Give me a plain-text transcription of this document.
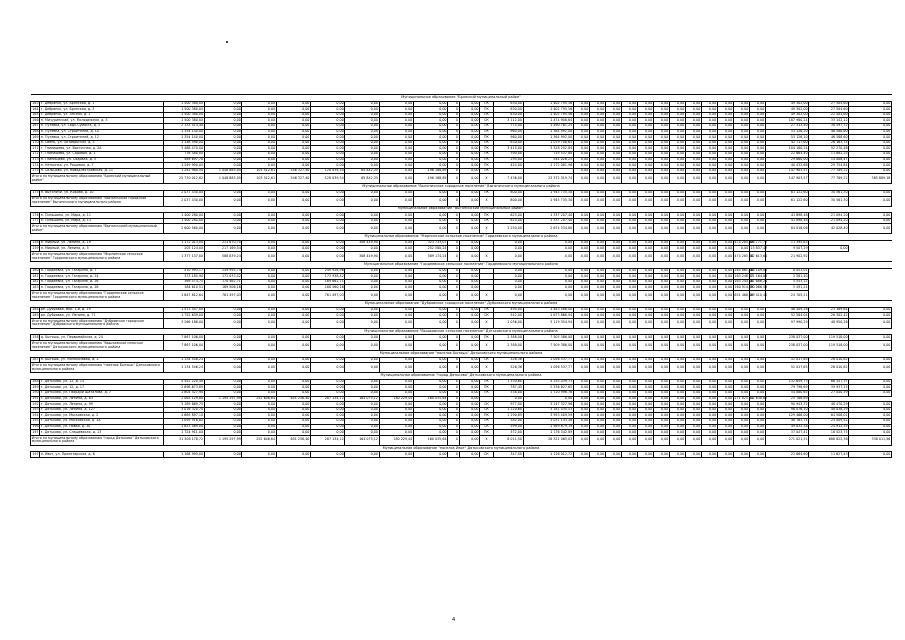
Муниципальное образование "Брянский муниципальный район"																													
163	г. Дебрянск, ул. Брянская, д. 1	1 500 380,00	0,00	0,00	0,00	0,00	0,00	0,00	0,00	0	0,00	ПК	630,00	1 402 795,56	0,00	0,00	0,00	0,00	0,00	0,00	0,00	0,00	0,00	0,00	0,00	0,00	49 302,00	27 504,60	0,00
164	г. Дебрянск, ул. Брянская, д. 3	1 500 380,00	0,00	0,00	0,00	0,00	0,00	0,00	0,00	0	0,00	ПК	630,00	1 402 795,56	0,00	0,00	0,00	0,00	0,00	0,00	0,00	0,00	0,00	0,00	0,00	0,00	49 302,00	27 504,60	0,00
165	г. Дебрянск, ул. Лесная, д. 2	1 500 380,00	0,00	0,00	0,00	0,00	0,00	0,00	0,00	0	0,00	ПК	630,00	1 402 795,56	0,00	0,00	0,00	0,00	0,00	0,00	0,00	0,00	0,00	0,00	0,00	0,00	49 302,00	22 504,60	0,00
166	п. Мичуринский, ул. Молодежная, д. 5	1 500 380,00	0,00	0,00	0,00	0,00	0,00	0,00	0,00	0	0,00	СК	3 112,00	1 474 906,64	0,00	0,00	0,00	0,00	0,00	0,00	0,00	0,00	0,00	0,00	0,00	0,00	187 980,24	33 142,12	0,00
167	п. Путевка, ул. Садк.Суббота, д. 3	2 133 514,40	0,00	0,00	0,00	0,00	0,00	0,00	0,00	0	0,00	ПК	774,00	1 490 761,25	0,00	0,00	0,00	0,00	0,00	0,00	0,00	0,00	0,00	0,00	0,00	0,00	27 313,40	38 597,72	0,00
168	п. Путевка, ул. Строителей, д. 10	1 354 140,00	0,00	0,00	0,00	0,00	0,00	0,00	0,00	0	0,00	ПК	960,00	1 364 992,00	0,00	0,00	0,00	0,00	0,00	0,00	0,00	0,00	0,00	0,00	0,00	0,00	53 126,20	46 588,60	0,00
169	п. Путевка, ул. Строителей, д. 12	1 354 140,00	0,00	0,00	0,00	0,00	0,00	0,00	0,00	0	0,00	ПК	960,00	1 364 992,00	0,00	0,00	0,00	0,00	0,00	0,00	0,00	0,00	0,00	0,00	0,00	0,00	53 126,20	46 588,60	0,00
170	п. Свень, ул. Октябрьская, д. 5	1 148 590,00	0,00	0,00	0,00	0,00	0,00	0,00	0,00	0	0,00	ПК	630,00	1 079 708,65	0,00	0,00	0,00	0,00	0,00	0,00	0,00	0,00	0,00	0,00	0,00	0,00	42 717,60	26 163,75	0,00
171	г. Глинищево, ул. Восточная, д. 2А	3 488 470,00	0,00	0,00	0,00	0,00	0,00	0,00	0,00	0	0,00	ПК	3 415,00	3 328 252,84	0,00	0,00	0,00	0,00	0,00	0,00	0,00	0,00	0,00	0,00	0,00	0,00	104 180,24	52 270,46	0,00
172	г. Глинищево, ул. Садовая, д. 1	776 480,00	0,00	0,00	0,00	0,00	0,00	0,00	0,00	0	0,00	ПК	390,00	735 437,80	0,00	0,00	0,00	0,00	0,00	0,00	0,00	0,00	0,00	0,00	0,00	0,00	22 664,40	11 882,25	0,00
173	п. Глинищево, ул. Садовая, д. 5	589 697,78	0,00	0,00	0,00	0,00	0,00	0,00	0,00	0	0,00	ПК	295,00	544 026,25	0,00	0,00	0,00	0,00	0,00	0,00	0,00	0,00	0,00	0,00	0,00	0,00	29 660,00	14 008,47	0,00
174	п. Нетьинка, ул. Рощевая, д. 7	1 249 990,00	0,00	0,00	0,00	0,00	0,00	0,00	0,00	0	0,00	ПК	424,00	1 172 081,96	0,00	0,00	0,00	0,00	0,00	0,00	0,00	0,00	0,00	0,00	0,00	0,00	40 432,68	29 754,84	0,00
175	п. Сельцово, ул. Новоднестровская, д. 11	1 242 980,50	1 048 885,05	103 512,61	546 327,40	128 039,54	65 842,35	0,00	196 188,89	0	0,00	ПК			0,00	0,00	0,00	0,00	0,00	0,00	0,00	0,00	0,00	0,00	0,00	0,00	147 903,57	77 789,22	0,00
Итого по муниципальному образованию "Брянский муниципальный район"		25 730 012,62	1 048 885,05	103 512,61	546 327,40	128 039,54	65 842,35	0,00	196 188,89	0	0,00	X	7 436,00	23 372 319,74	0,00	0,00	0,00	0,00	0,00	0,00	0,00	0,00	0,00	0,00	0,00	0,00	147 903,57	77 789,22	385 889,18
Муниципальное образование "Выгоничское городское поселение" Выгоничского муниципального района																													
175	п. Выгоничи, ул. Кирова, д. 10	2 037 430,00	0,00	0,00	0,00	0,00	0,00	0,00	0,00	0	0,00	ПК	800,00	1 945 735,30	0,00	0,00	0,00	0,00	0,00	0,00	0,00	0,00	0,00	0,00	0,00	0,00	61 122,60	30 561,30	0,00
Итого по муниципальному образованию "Выгоничское городское поселение" Выгоничского муниципального района		2 037 430,00	0,00	0,00	0,00	0,00	0,00	0,00	0,00	0	0,00	X	800,00	1 945 735,30	0,00	0,00	0,00	0,00	0,00	0,00	0,00	0,00	0,00	0,00	0,00	0,00	61 122,60	30 561,30	0,00
Муниципальное образование "Выгоничский муниципальный район"																													
176	п. Пильшино, ул. Мира, д. 11	1 400 280,00	0,00	0,00	0,00	0,00	0,00	0,00	0,00	0	0,00	ПК	625,00	1 337 207,40	0,00	0,00	0,00	0,00	0,00	0,00	0,00	0,00	0,00	0,00	0,00	0,00	41 898,48	21 094,20	0,00
177	п. Пильшино, ул. Мира, д. 13	1 400 280,00	0,00	0,00	0,00	0,00	0,00	0,00	0,00	0	0,00	ПК	625,00	1 337 207,40	0,00	0,00	0,00	0,00	0,00	0,00	0,00	0,00	0,00	0,00	0,00	0,00	41 898,48	21 094,20	0,00
Итого по муниципальному образованию "Выгоничский муниципальный район"		2 800 560,00	0,00	0,00	0,00	0,00	0,00	0,00	0,00	0	0,00	X	1 250,00	2 674 534,80	0,00	0,00	0,00	0,00	0,00	0,00	0,00	0,00	0,00	0,00	0,00	0,00	84 018,06	42 028,40	0,00
Муниципальное образование "Мирнинское сельское поселение" Гордеевского муниципального района																													
158	п. Мирный, ул. Ленина, д. 19	1 172 013,00	231 670,70	0,00	0,00	0,00	308 449,90	0,00	323 733,07	0	0,00		0,00	0,00	0,00	0,00	0,00	0,00	0,00	0,00	0,00	0,00	0,00	0,00	474 285,68	26 771,77	11 395,63		
159	п. Мирный, ул. Ленина, д. 5	205 124,00	217 169,54	0,00	0,00	0,00	0,00	0,00	252 580,24	0	0,00		0,00	0,00	0,00	0,00	0,00	0,00	0,00	0,00	0,00	0,00	0,00	0,00	0,00	15 837,47	9 507,29	0,00	
Итого по муниципальному образованию "Мирнинское сельское поселение" Гордеевского муниципального района		1 377 137,00	588 839,24	0,00	0,00	0,00	308 449,90	0,00	589 174,24	0	0,00	X	0,00	0,00	0,00	0,00	0,00	0,00	0,00	0,00	0,00	0,00	0,00	0,00	474 285,68	42 613,64	21 902,92		
Муниципальное образование "Гордеевское сельское поселение" Гордеевского муниципального района																													
180	п. Гордеевка, ул. Гагарина, д. 7	570 993,17	249 995,74	0,00	0,00	249 926,96	0,00	0,00	0,00	0	0,00		0,00	0,00	0,00	0,00	0,00	0,00	0,00	0,00	0,00	0,00	0,00	0,00	264 861,46	16 109,01	8 053,01		
181	п. Гордеевка, ул. Гагарина, д. 24	373 185,90	172 033,42	0,00	0,00	173 938,42	0,00	0,00	0,00	0	0,00		0,00	0,00	0,00	0,00	0,00	0,00	0,00	0,00	0,00	0,00	0,00	0,00	163 248,17	11 164,88	5 581,40		
182	п. Гордеевка, ул. Гагарина, д. 26	369 474,75	170 462,71	0,00	0,00	169 862,71	0,00	0,00	0,00	0	0,00		0,00	0,00	0,00	0,00	0,00	0,00	0,00	0,00	0,00	0,00	0,00	0,00	163 244,46	11 686,21	5 543,12		
183	п. Гордеевка, ул. Гагарина, д. 28	184 610,51	169 506,16	0,00	0,00	168 560,16	0,00	0,00	0,00	0	0,00		0,00	0,00	0,00	0,00	0,00	0,00	0,00	0,00	0,00	0,00	0,00	0,00	160 914,59	10 066,58	5 491,24		
Итого по муниципальному образованию "Гордеевское сельское поселение" Гордеевского муниципального района		1 647 812,64	761 497,03	0,00	0,00	761 497,03	0,00	0,00	0,00	0	0,00	X	0,00	0,00	0,00	0,00	0,00	0,00	0,00	0,00	0,00	0,00	0,00	0,00	651 468,68	49 410,40	24 705,21		
Муниципальное образование "Дубровское городское поселение" Дубровского муниципального района																													
184	рп. Дубровка, мкр. 1-й, д. 19	1 513 547,00	0,00	0,00	0,00	0,00	0,00	0,00	0,00	0	0,00	ПК	494,00	1 443 488,00	0,00	0,00	0,00	0,00	0,00	0,00	0,00	0,00	0,00	0,00	0,00	0,00	46 409,28	23 169,64	0,00
185	рп. Дубровка, ул. Ленина, д. 71	1 752 639,00	0,00	0,00	0,00	0,00	0,00	0,00	0,00	0	0,00	СК	542,00	1 673 866,94	0,00	0,00	0,00	0,00	0,00	0,00	0,00	0,00	0,00	0,00	0,00	0,00	52 584,04	26 302,42	0,00
Итого по муниципальному образованию "Дубровское городское поселение" Дубровского муниципального района		3 266 186,00	0,00	0,00	0,00	0,00	0,00	0,00	0,00	0	0,00	X	1 036,00	3 119 354,94	0,00	0,00	0,00	0,00	0,00	0,00	0,00	0,00	0,00	0,00	0,00	0,00	97 990,29	48 950,16	0,00
Муниципальное образование "Вышковское сельское поселение" Дятьковского муниципального района																													
158	д. Бытошь, ул. Первомайская, д. 24	7 867 106,00	0,00	0,00	0,00	0,00	0,00	0,00	0,00	0	0,00	ПК	2 388,00	7 505 386,00	0,00	0,00	0,00	0,00	0,00	0,00	0,00	0,00	0,00	0,00	0,00	0,00	238 037,00	119 518,00	0,00
Итого по муниципальному образованию "Вышковское сельское поселение" Дятьковского муниципального района		7 867 106,00	0,00	0,00	0,00	0,00	0,00	0,00	0,00	0	0,00	X	2 388,00	7 509 386,00	0,00	0,00	0,00	0,00	0,00	0,00	0,00	0,00	0,00	0,00	0,00	0,00	238 037,00	119 518,00	0,00
Муниципальное образование "поселок Бытошь" Дятьковского муниципального района																													
187	п. Бытошь, ул. Молокозавод, д. 4	1 134 546,24	0,00	0,00	0,00	0,00	0,00	0,00	0,00	0	0,00	СК	526,36	1 056 537,77	0,00	0,00	0,00	0,00	0,00	0,00	0,00	0,00	0,00	0,00	0,00	0,00	52 017,65	26 010,82	0,00
Итого по муниципальному образованию "поселок Бытошь" Дятьковского муниципального района		1 134 546,24	0,00	0,00	0,00	0,00	0,00	0,00	0,00	0	0,00	X	526,36	1 056 537,77	0,00	0,00	0,00	0,00	0,00	0,00	0,00	0,00	0,00	0,00	0,00	0,00	52 017,65	26 010,82	0,00
Муниципальное образование "город Дятьково" Дятьковского муниципального района																													
188	г. Дятьково, ул. 12, д. 14	4 452 220,40	0,00	0,00	0,00	0,00	0,00	0,00	0,00	0	0,00	ПК	1 330,60	4 255 039,73	0,00	0,00	0,00	0,00	0,00	0,00	0,00	0,00	0,00	0,00	0,00	0,00	132 659,73	66 347,37	0,00
189	г. Дятьково, ул. 12, д. 17	2 698 673,89	0,00	0,00	0,00	0,00	0,00	0,00	0,00	0	0,00	ПК	787,45	2 536 627,65	0,00	0,00	0,00	0,00	0,00	0,00	0,00	0,00	0,00	0,00	0,00	0,00	79 798,69	39 937,25	0,00
190	г. Дятьково, ул. Гвардии Шаталова, д. 7	1 804 527,90	0,00	0,00	0,00	0,00	0,00	0,00	0,00	0	0,00	ПК	538,00	1 720 996,76	0,00	0,00	0,00	0,00	0,00	0,00	0,00	0,00	0,00	0,00	0,00	0,00	54 080,65	27 040,59	0,00
191	г. Дятьково, ул. Ленина, д. 63	2 063 129,80	1 195 297,99	252 646,64	651 256,40	287 134,12	164 075,12	180 229,44	160 035,64	0	0,00		0,00	0,00	0,00	0,00	0,00	0,00	0,00	0,00	0,00	0,00	0,00	0,00	271 021,51	52 638,62	25 788,89		
192	г. Дятьково, ул. Ленина, д. 99	3 189 869,75	0,00	0,00	0,00	0,00	0,00	0,00	0,00	0	0,00	СК	977,00	3 147 327,96	0,00	0,00	0,00	0,00	0,00	0,00	0,00	0,00	0,00	0,00	0,00	0,00	90 943,72	48 470,29	0,00
193	г. Дятьково, ул. Ленина, д. 127	3 016 320,70	0,00	0,00	0,00	0,00	0,00	0,00	0,00	0	0,00	СК	1 220,60	3 181 435,53	0,00	0,00	0,00	0,00	0,00	0,00	0,00	0,00	0,00	0,00	0,00	0,00	96 076,10	48 038,29	0,00
194	г. Дятьково, ул. Московская, д. 2	4 689 897,10	0,00	0,00	0,00	0,00	0,00	0,00	0,00	0	0,00	ПК	1 290,85	3 953 409,59	0,00	0,00	0,00	0,00	0,00	0,00	0,00	0,00	0,00	0,00	0,00	0,00	129 466,00	64 506,01	0,00
195	г. Дятьково, ул. Московская, д. 1А	1 095 916,80	0,00	0,00	0,00	0,00	0,00	0,00	0,00	0	0,00	ПК	382,00	1 031 143,38	0,00	0,00	0,00	0,00	0,00	0,00	0,00	0,00	0,00	0,00	0,00	0,00	46 763,74	24 009,52	0,00
196	г. Дятьково, ул. Новая, д. 30	1 653 469,00	0,00	0,00	0,00	0,00	0,00	0,00	0,00	0	0,00	СК	599,00	1 569 679,19	0,00	0,00	0,00	0,00	0,00	0,00	0,00	0,00	0,00	0,00	0,00	0,00	49 832,38	24 912,35	0,00
197	г. Дятьково, ул. Слащевская, д. 13	1 724 911,00	0,00	0,00	0,00	0,00	0,00	0,00	0,00	0	0,00	ПК	372,00	1 176 342,89	0,00	0,00	0,00	0,00	0,00	0,00	0,00	0,00	0,00	0,00	0,00	0,00	37 047,41	18 523,75	0,00
Итого по муниципальному образованию "город Дятьково" Дятьковского муниципального района		31 308 178,72	1 195 297,99	252 646,64	651 256,40	287 134,12	164 075,12	180 229,44	160 035,64	0	0,00	X	8 011,50	28 322 065,03	0,00	0,00	0,00	0,00	0,00	0,00	0,00	0,00	0,00	0,00	0,00	0,00	271 021,51	688 822,36	338 011,56
Муниципальное образование "поселок Ивот" Дятьковского муниципального района																													
197	п. Ивот, ул. Пролетарская, д. 6	1 168 995,00	0,00	0,00	0,00	0,00	0,00	0,00	0,00	0	0,00	СК	347,50	1 126 012,72	0,00	0,00	0,00	0,00	0,00	0,00	0,00	0,00	0,00	0,00	0,00	0,00	22 664,60	11 627,43	0,00
4
